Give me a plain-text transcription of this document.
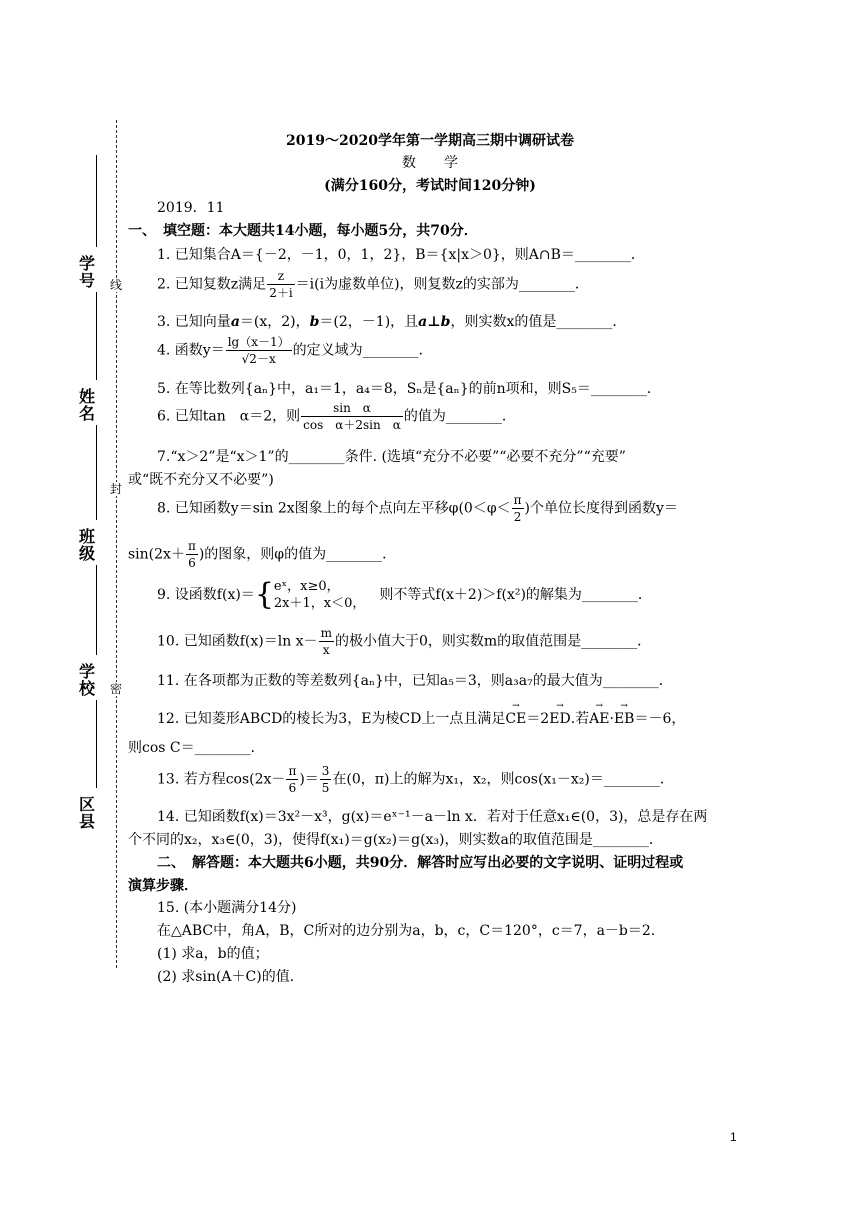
学号
姓名
班级
学校
区县
线
封
密
2019～2020学年第一学期高三期中调研试卷
数　　学
(满分160分，考试时间120分钟)
2019．11
一、　填空题：本大题共14小题，每小题5分，共70分．
1. 已知集合A＝{－2，－1，0，1，2}，B＝{x|x＞0}，则A∩B＝________．
2. 已知复数z满足 $\frac{z}{2+i} =i(i$为虚数单位)，则复数z的实部为________．
3. 已知向量a＝(x，2)，b＝(2，－1)，且a⊥b，则实数x的值是________．
4. 函数$y= \frac{\lg(x-1)}{√2-x}$ 的定义域为________．
5. 在等比数列{aₙ}中，a₁＝1，a₄＝8，Sₙ是{aₙ}的前n项和，则S₅＝________．
6. 已知tan　α＝2，则 $\frac{\text{sin　α}}{\text{cos　α＋2sin　α}}$ 的值为________．
7.“x＞2”是“x＞1”的________条件. (选填“充分不必要”“必要不充分”“充要”
或“既不充分又不必要”)
8. 已知函数y＝sin 2x图象上的每个点向左平移$\varphi(0<\varphi< \frac{\pi}{2}$ )个单位长度得到函数y＝
$\sin(2x+ \frac{\pi}{6}$ )的图象，则φ的值为________．
9. 设函数f(x)＝{eˣ，x≥0，
2x＋1，x＜0，　则不等式f(x＋2)＞f(x²)的解集为________．
10. 已知函数f(x)＝ln $x- \frac{m}{x}$ 的极小值大于0，则实数m的取值范围是________．
11. 在各项都为正数的等差数列{aₙ}中，已知a₅＝3，则a₃a₇的最大值为________．
12. 已知菱形ABCD的棱长为3，E为棱CD上一点且满足→ CE＝2→ ED.若→ AE·→ EB＝－6，
则cos C＝________．
13. 若方程$\cos(2x- \frac{\pi}{6}$ )＝ $\frac{3}{5}$ 在(0，π)上的解为x₁，x₂，则cos(x₁－x₂)＝________．
14. 已知函数f(x)＝3x²－x³，g(x)＝eˣ⁻¹－a－ln x．若对于任意x₁∈(0，3)，总是存在两
个不同的x₂，x₃∈(0，3)，使得f(x₁)＝g(x₂)＝g(x₃)，则实数a的取值范围是________．
二、　解答题：本大题共6小题，共90分．解答时应写出必要的文字说明、证明过程或
演算步骤．
15. (本小题满分14分)
在△ABC中，角A，B，C所对的边分别为a，b，c，C＝120°，c＝7，a－b＝2.
(1) 求a，b的值；
(2) 求sin(A＋C)的值．
1
